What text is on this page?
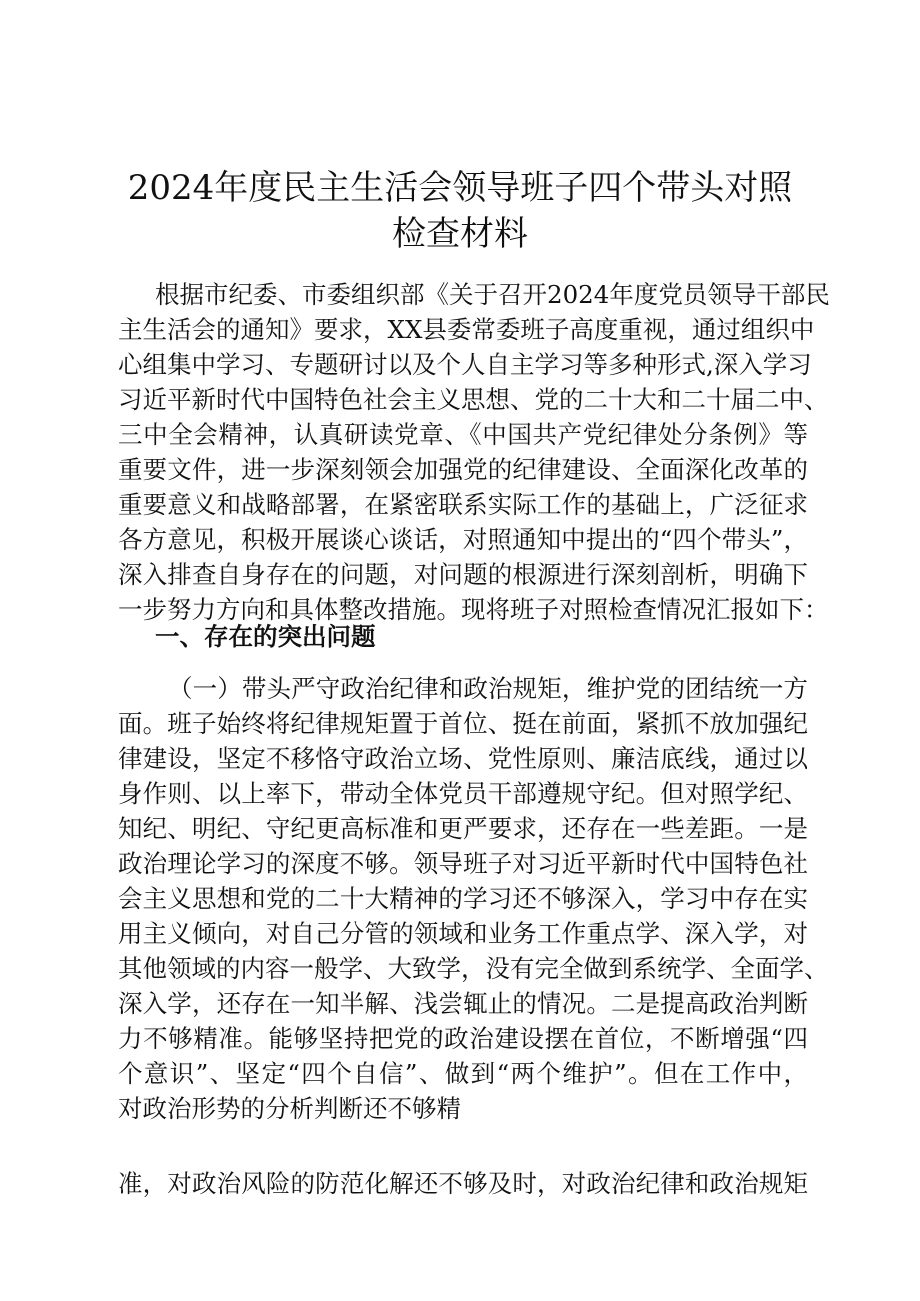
2024年度民主生活会领导班子四个带头对照
检查材料
根据市纪委、市委组织部《关于召开2024年度党员领导干部民
主生活会的通知》要求，XX县委常委班子高度重视，通过组织中
心组集中学习、专题研讨以及个人自主学习等多种形式,深入学习
习近平新时代中国特色社会主义思想、党的二十大和二十届二中、
三中全会精神，认真研读党章、《中国共产党纪律处分条例》等
重要文件，进一步深刻领会加强党的纪律建设、全面深化改革的
重要意义和战略部署，在紧密联系实际工作的基础上，广泛征求
各方意见，积极开展谈心谈话，对照通知中提出的“四个带头”，
深入排查自身存在的问题，对问题的根源进行深刻剖析，明确下
一步努力方向和具体整改措施。现将班子对照检查情况汇报如下：
一、存在的突出问题
（一）带头严守政治纪律和政治规矩，维护党的团结统一方
面。班子始终将纪律规矩置于首位、挺在前面，紧抓不放加强纪
律建设，坚定不移恪守政治立场、党性原则、廉洁底线，通过以
身作则、以上率下，带动全体党员干部遵规守纪。但对照学纪、
知纪、明纪、守纪更高标准和更严要求，还存在一些差距。一是
政治理论学习的深度不够。领导班子对习近平新时代中国特色社
会主义思想和党的二十大精神的学习还不够深入，学习中存在实
用主义倾向，对自己分管的领域和业务工作重点学、深入学，对
其他领域的内容一般学、大致学，没有完全做到系统学、全面学、
深入学，还存在一知半解、浅尝辄止的情况。二是提高政治判断
力不够精准。能够坚持把党的政治建设摆在首位，不断增强“四
个意识”、坚定“四个自信”、做到“两个维护”。但在工作中，
对政治形势的分析判断还不够精
准，对政治风险的防范化解还不够及时，对政治纪律和政治规矩
